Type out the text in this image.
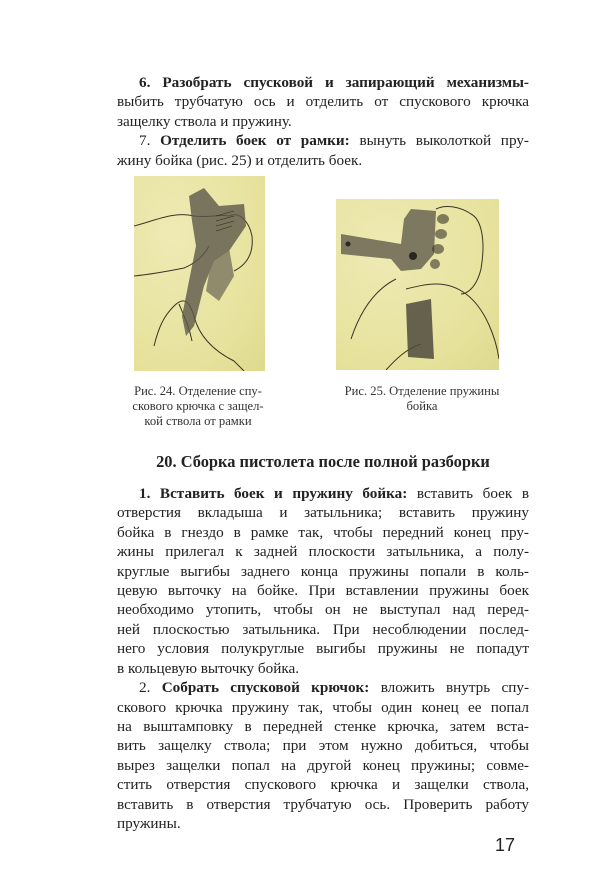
6. Разобрать спусковой и запирающий механизмы-
выбить трубчатую ось и отделить от спускового крючка
защелку ствола и пружину.
7. Отделить боек от рамки: вынуть выколоткой пру-
жину бойка (рис. 25) и отделить боек.
Рис. 24. Отделение спу-
скового крючка с защел-
кой ствола от рамки
Рис. 25. Отделение пружины
бойка
20. Сборка пистолета после полной разборки
1. Вставить боек и пружину бойка: вставить боек в
отверстия вкладыша и затыльника; вставить пружину
бойка в гнездо в рамке так, чтобы передний конец пру-
жины прилегал к задней плоскости затыльника, а полу-
круглые выгибы заднего конца пружины попали в коль-
цевую выточку на бойке. При вставлении пружины боек
необходимо утопить, чтобы он не выступал над перед-
ней плоскостью затыльника. При несоблюдении послед-
него условия полукруглые выгибы пружины не попадут
в кольцевую выточку бойка.
2. Собрать спусковой крючок: вложить внутрь спу-
скового крючка пружину так, чтобы один конец ее попал
на выштамповку в передней стенке крючка, затем вста-
вить защелку ствола; при этом нужно добиться, чтобы
вырез защелки попал на другой конец пружины; совме-
стить отверстия спускового крючка и защелки ствола,
вставить в отверстия трубчатую ось. Проверить работу
пружины.
17
